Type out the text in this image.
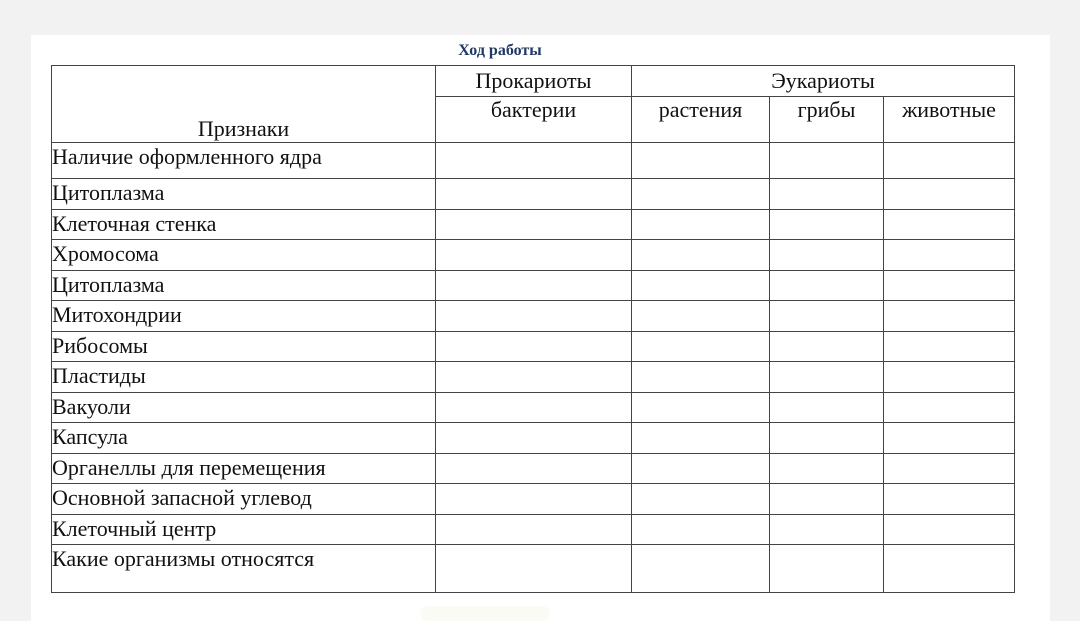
Ход работы
Признаки	Прокариоты	Эукариоты		
	бактерии	растения	грибы	животные
Наличие оформленного ядра				
Цитоплазма				
Клеточная стенка				
Хромосома				
Цитоплазма				
Митохондрии				
Рибосомы				
Пластиды				
Вакуоли				
Капсула				
Органеллы для перемещения				
Основной запасной углевод				
Клеточный центр				
Какие организмы относятся				
